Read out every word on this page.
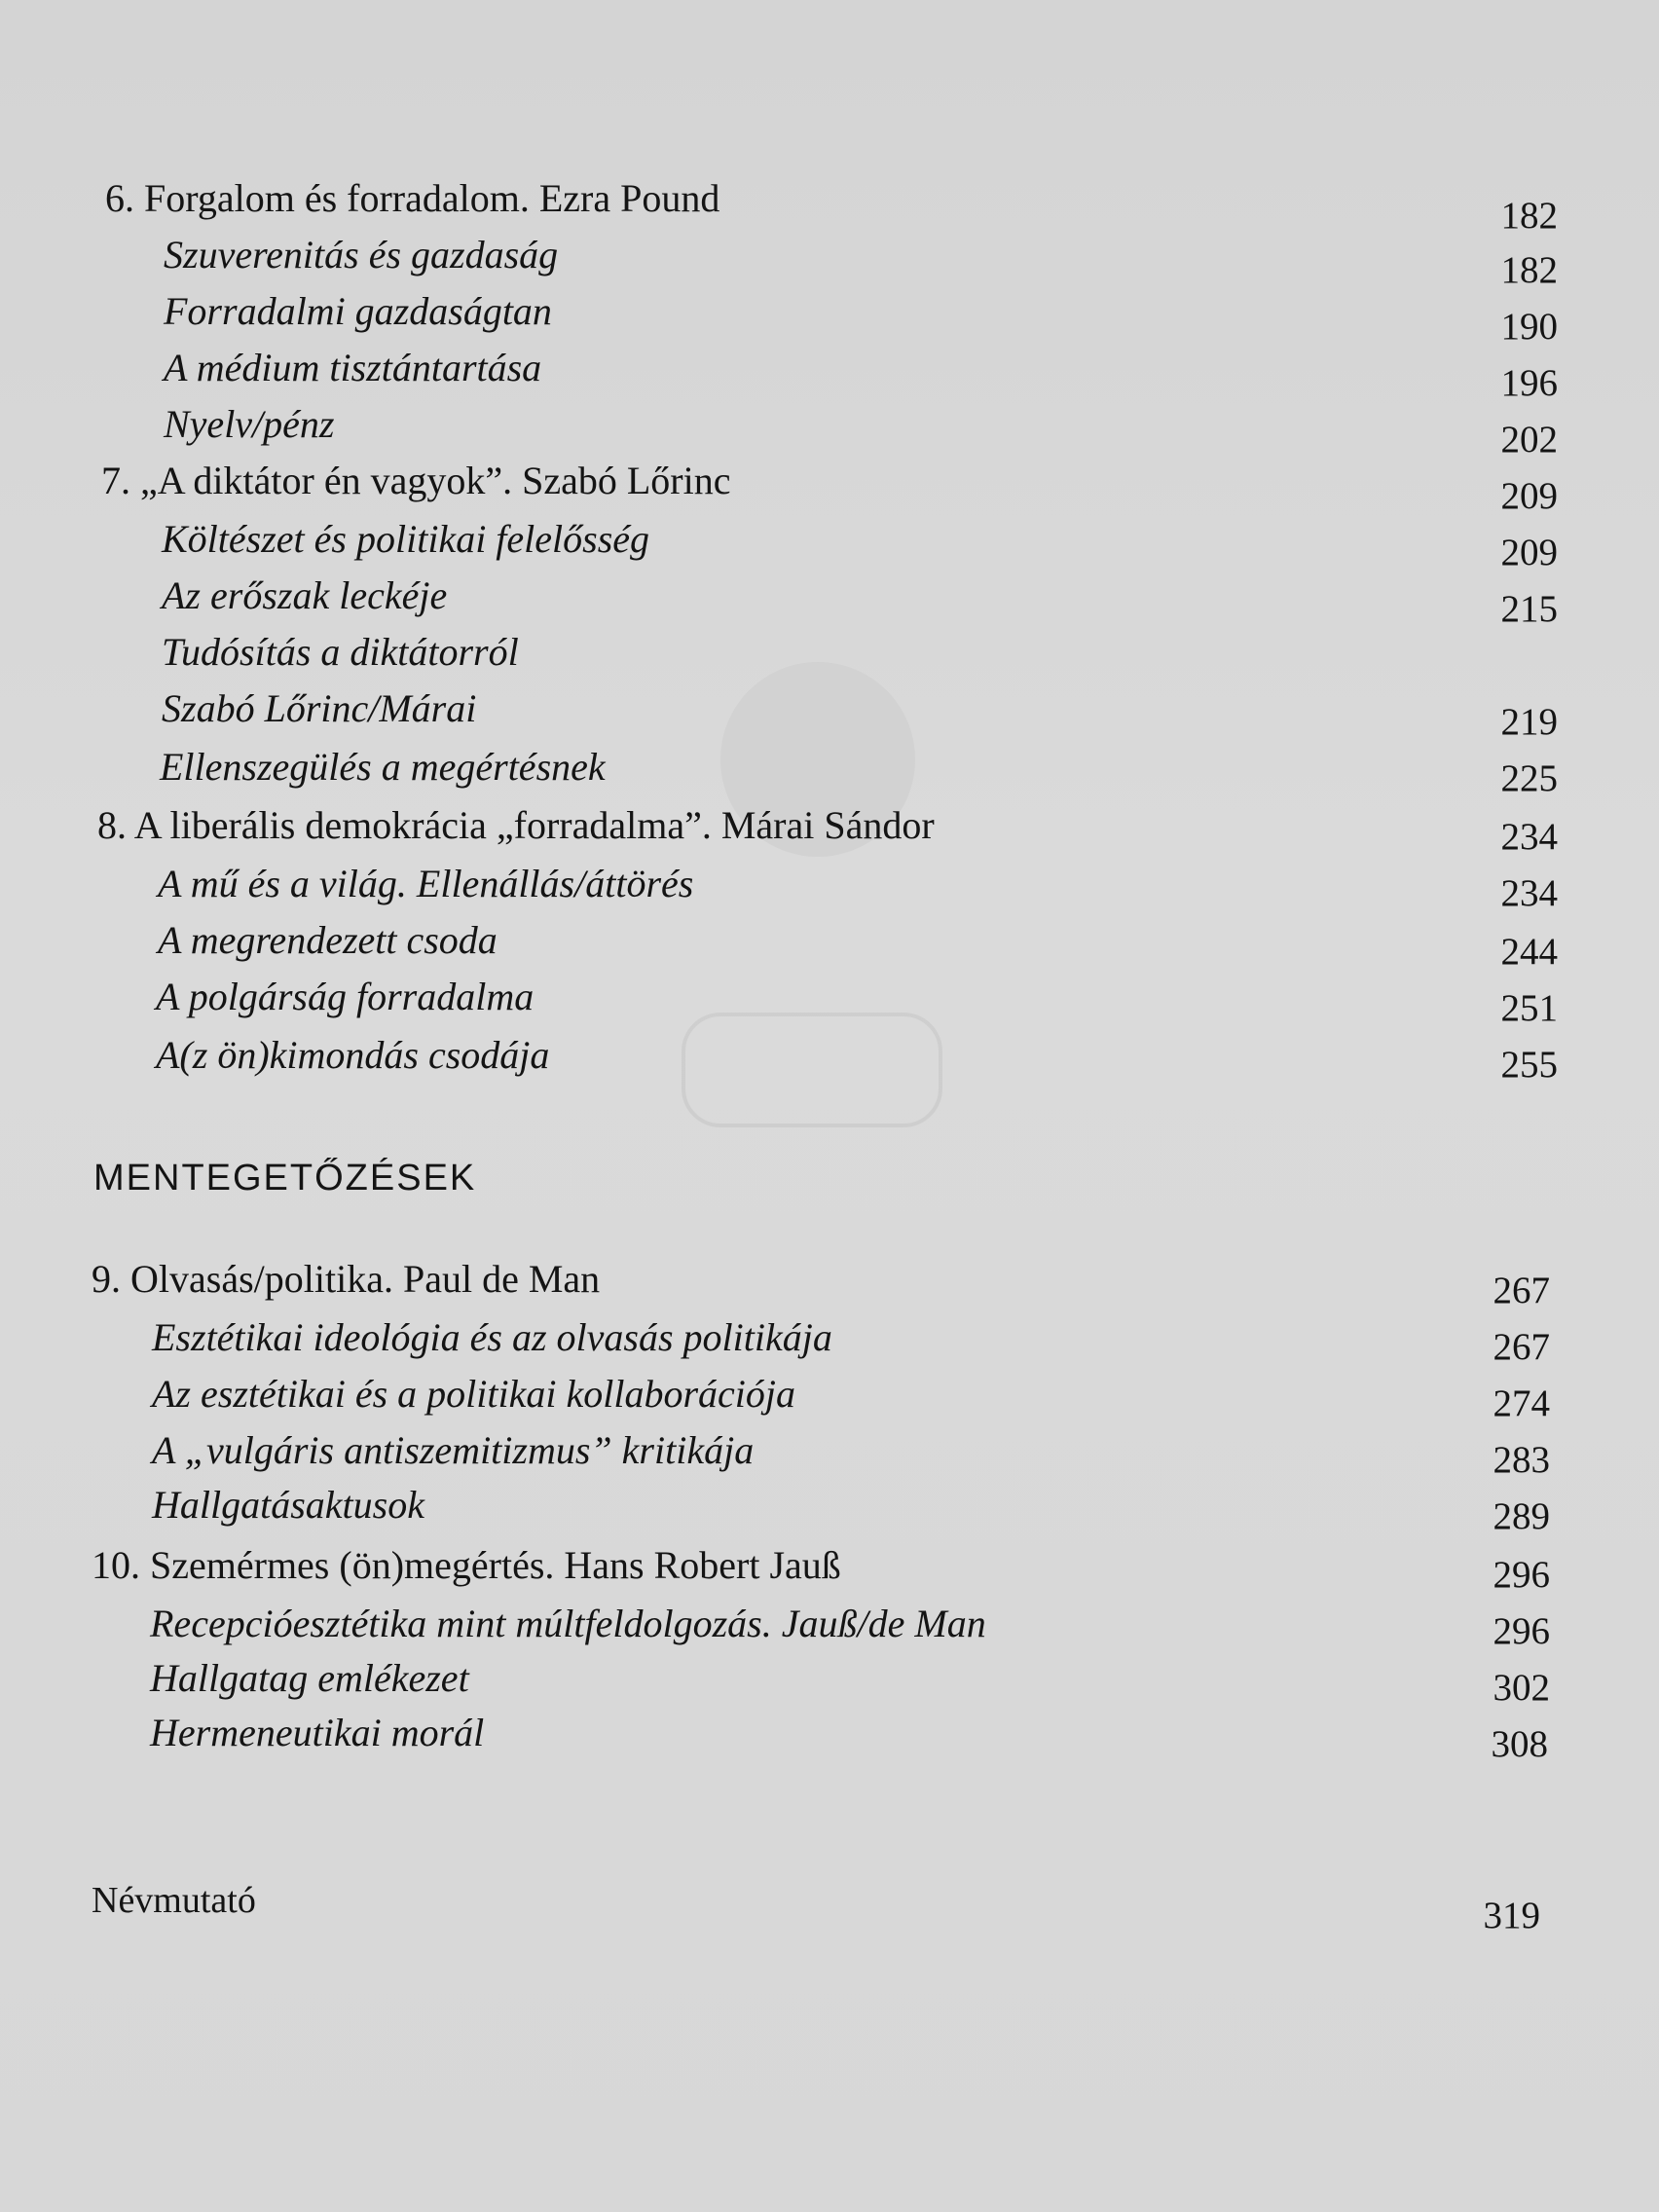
6. Forgalom és forradalom. Ezra Pound	182
Szuverenitás és gazdaság	182
Forradalmi gazdaságtan	190
A médium tisztántartása	196
Nyelv/pénz	202
7. „A diktátor én vagyok”. Szabó Lőrinc	209
Költészet és politikai felelősség	209
Az erőszak leckéje	215
Tudósítás a diktátorról
Szabó Lőrinc/Márai	219
Ellenszegülés a megértésnek	225
8. A liberális demokrácia „forradalma”. Márai Sándor	234
A mű és a világ. Ellenállás/áttörés	234
A megrendezett csoda	244
A polgárság forradalma	251
A(z ön)kimondás csodája	255
MENTEGETŐZÉSEK
9. Olvasás/politika. Paul de Man	267
Esztétikai ideológia és az olvasás politikája	267
Az esztétikai és a politikai kollaborációja	274
A „vulgáris antiszemitizmus” kritikája	283
Hallgatásaktusok	289
10. Szemérmes (ön)megértés. Hans Robert Jauß	296
Recepcióesztétika mint múltfeldolgozás. Jauß/de Man	296
Hallgatag emlékezet	302
Hermeneutikai morál	308
Névmutató	319
